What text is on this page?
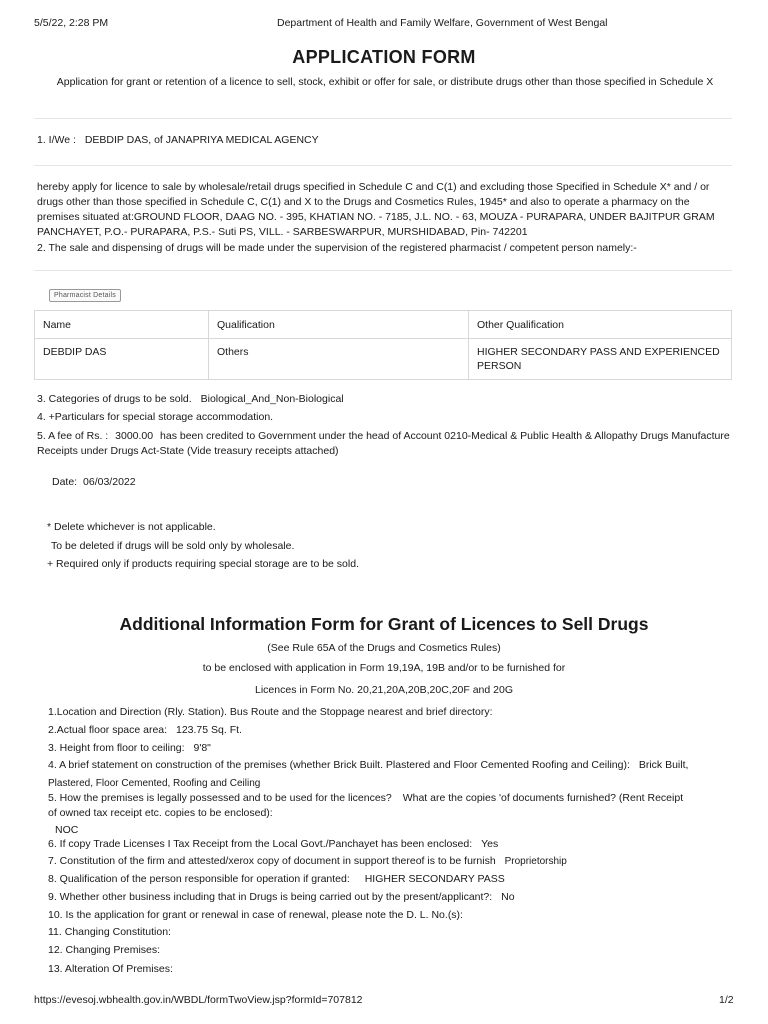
5/5/22, 2:28 PM	Department of Health and Family Welfare, Government of West Bengal
APPLICATION FORM
Application for grant or retention of a licence to sell, stock, exhibit or offer for sale, or distribute drugs other than those specified in Schedule X
1. I/We : DEBDIP DAS, of JANAPRIYA MEDICAL AGENCY
hereby apply for licence to sale by wholesale/retail drugs specified in Schedule C and C(1) and excluding those Specified in Schedule X* and / or drugs other than those specified in Schedule C, C(1) and X to the Drugs and Cosmetics Rules, 1945* and also to operate a pharmacy on the premises situated at:GROUND FLOOR, DAAG NO. - 395, KHATIAN NO. - 7185, J.L. NO. - 63, MOUZA - PURAPARA, UNDER BAJITPUR GRAM PANCHAYET, P.O.- PURAPARA, P.S.- Suti PS, VILL. - SARBESWARPUR, MURSHIDABAD, Pin- 742201
2. The sale and dispensing of drugs will be made under the supervision of the registered pharmacist / competent person namely:-
Pharmacist Details
Name	Qualification	Other Qualification
DEBDIP DAS	Others	HIGHER SECONDARY PASS AND EXPERIENCED PERSON
3. Categories of drugs to be sold. Biological_And_Non-Biological
4. +Particulars for special storage accommodation.
5. A fee of Rs. : 3000.00 has been credited to Government under the head of Account 0210-Medical & Public Health & Allopathy Drugs Manufacture Receipts under Drugs Act-State (Vide treasury receipts attached)
Date: 06/03/2022
* Delete whichever is not applicable.
To be deleted if drugs will be sold only by wholesale.
+ Required only if products requiring special storage are to be sold.
Additional Information Form for Grant of Licences to Sell Drugs
(See Rule 65A of the Drugs and Cosmetics Rules)
to be enclosed with application in Form 19,19A, 19B and/or to be furnished for
Licences in Form No. 20,21,20A,20B,20C,20F and 20G
1.Location and Direction (Rly. Station). Bus Route and the Stoppage nearest and brief directory:
2.Actual floor space area: 123.75 Sq. Ft.
3. Height from floor to ceiling: 9'8"
4. A brief statement on construction of the premises (whether Brick Built. Plastered and Floor Cemented Roofing and Ceiling): Brick Built,
Plastered, Floor Cemented, Roofing and Ceiling
5. How the premises is legally possessed and to be used for the licences? What are the copies 'of documents furnished? (Rent Receipt
of owned tax receipt etc. copies to be enclosed):
NOC
6. If copy Trade Licenses I Tax Receipt from the Local Govt./Panchayet has been enclosed: Yes
7. Constitution of the firm and attested/xerox copy of document in support thereof is to be furnish Proprietorship
8. Qualification of the person responsible for operation if granted: HIGHER SECONDARY PASS
9. Whether other business including that in Drugs is being carried out by the present/applicant?: No
10. Is the application for grant or renewal in case of renewal, please note the D. L. No.(s):
11. Changing Constitution:
12. Changing Premises:
13. Alteration Of Premises:
https://evesoj.wbhealth.gov.in/WBDL/formTwoView.jsp?formId=707812	1/2
